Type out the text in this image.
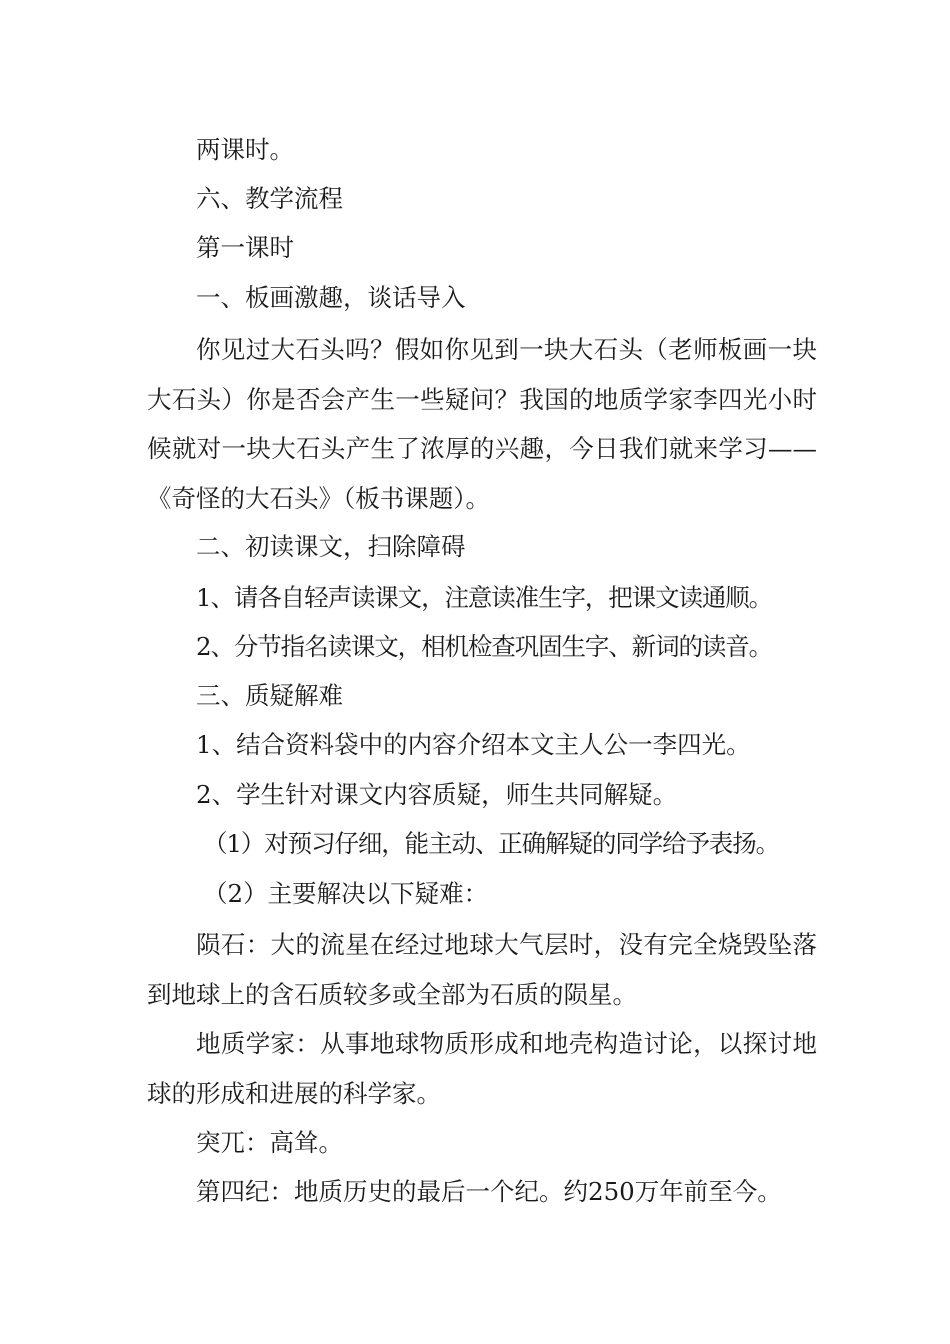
两课时。

六、教学流程

第一课时

一、板画激趣，谈话导入

你见过大石头吗？假如你见到一块大石头（老师板画一块大石头）你是否会产生一些疑问？我国的地质学家李四光小时候就对一块大石头产生了浓厚的兴趣，今日我们就来学习——《奇怪的大石头》（板书课题）。

二、初读课文，扫除障碍

1、请各自轻声读课文，注意读准生字，把课文读通顺。

2、分节指名读课文，相机检查巩固生字、新词的读音。

三、质疑解难

1、结合资料袋中的内容介绍本文主人公一李四光。

2、学生针对课文内容质疑，师生共同解疑。

（1）对预习仔细，能主动、正确解疑的同学给予表扬。

（2）主要解决以下疑难：

陨石：大的流星在经过地球大气层时，没有完全烧毁坠落到地球上的含石质较多或全部为石质的陨星。

地质学家：从事地球物质形成和地壳构造讨论，以探讨地球的形成和进展的科学家。

突兀：高耸。

第四纪：地质历史的最后一个纪。约250万年前至今。
